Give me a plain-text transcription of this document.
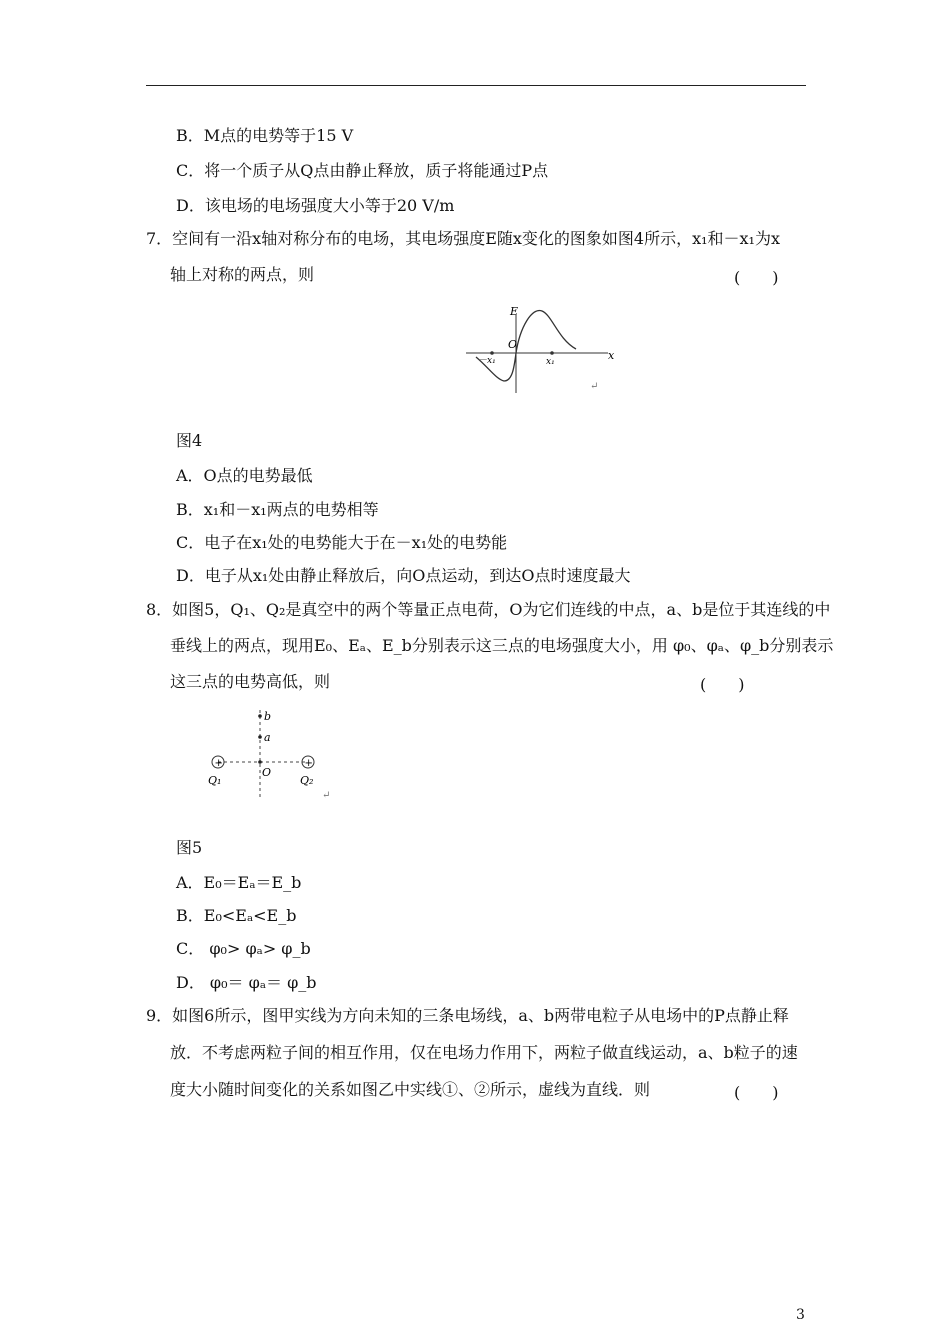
B．M点的电势等于15 V
C．将一个质子从Q点由静止释放，质子将能通过P点
D．该电场的电场强度大小等于20 V/m
7．空间有一沿x轴对称分布的电场，其电场强度E随x变化的图象如图4所示，x₁和－x₁为x
轴上对称的两点，则	(　　)
E
O
x
－x₁	x₁
↵
图4
A．O点的电势最低
B．x₁和－x₁两点的电势相等
C．电子在x₁处的电势能大于在－x₁处的电势能
D．电子从x₁处由静止释放后，向O点运动，到达O点时速度最大
8．如图5，Q₁、Q₂是真空中的两个等量正点电荷，O为它们连线的中点，a、b是位于其连线的中
垂线上的两点，现用E₀、Eₐ、E_b分别表示这三点的电场强度大小，用 φ₀、φₐ、φ_b分别表示
这三点的电势高低，则	(　　)
b
a
O
+	+
Q₁	Q₂
↵
图5
A．E₀＝Eₐ＝E_b
B．E₀<Eₐ<E_b
C． φ₀> φₐ> φ_b
D． φ₀＝ φₐ＝ φ_b
9．如图6所示，图甲实线为方向未知的三条电场线，a、b两带电粒子从电场中的P点静止释
放．不考虑两粒子间的相互作用，仅在电场力作用下，两粒子做直线运动，a、b粒子的速
度大小随时间变化的关系如图乙中实线①、②所示，虚线为直线．则	(　　)
3
